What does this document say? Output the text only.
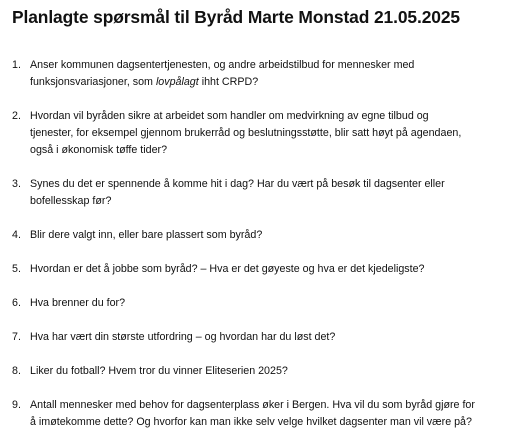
Planlagte spørsmål til Byråd Marte Monstad 21.05.2025
1. Anser kommunen dagsentertjenesten, og andre arbeidstilbud for mennesker med
funksjonsvariasjoner, som lovpålagt ihht CRPD?
2. Hvordan vil byråden sikre at arbeidet som handler om medvirkning av egne tilbud og
tjenester, for eksempel gjennom brukerråd og beslutningsstøtte, blir satt høyt på agendaen,
også i økonomisk tøffe tider?
3. Synes du det er spennende å komme hit i dag? Har du vært på besøk til dagsenter eller
bofellesskap før?
4. Blir dere valgt inn, eller bare plassert som byråd?
5. Hvordan er det å jobbe som byråd? – Hva er det gøyeste og hva er det kjedeligste?
6. Hva brenner du for?
7. Hva har vært din største utfordring – og hvordan har du løst det?
8. Liker du fotball? Hvem tror du vinner Eliteserien 2025?
9. Antall mennesker med behov for dagsenterplass øker i Bergen. Hva vil du som byråd gjøre for
å imøtekomme dette? Og hvorfor kan man ikke selv velge hvilket dagsenter man vil være på?
